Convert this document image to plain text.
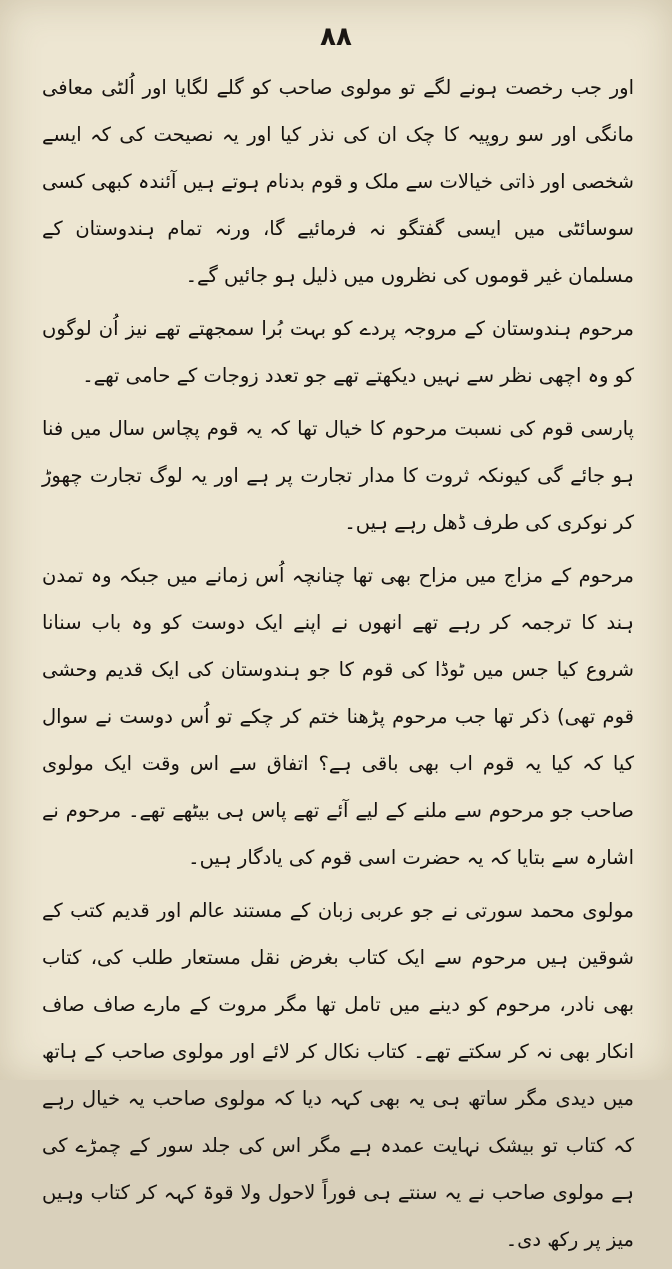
۸۸

اور جب رخصت ہونے لگے تو مولوی صاحب کو گلے لگایا اور اُلٹی معافی مانگی اور سو روپیہ کا چک ان کی نذر کیا اور یہ نصیحت کی کہ ایسے شخصی اور ذاتی خیالات سے ملک و قوم بدنام ہوتے ہیں آئندہ کبھی کسی سوسائٹی میں ایسی گفتگو نہ فرمائیے گا، ورنہ تمام ہندوستان کے مسلمان غیر قوموں کی نظروں میں ذلیل ہو جائیں گے۔

مرحوم ہندوستان کے مروجہ پردے کو بہت بُرا سمجھتے تھے نیز اُن لوگوں کو وہ اچھی نظر سے نہیں دیکھتے تھے جو تعدد زوجات کے حامی تھے۔

پارسی قوم کی نسبت مرحوم کا خیال تھا کہ یہ قوم پچاس سال میں فنا ہو جائے گی کیونکہ ثروت کا مدار تجارت پر ہے اور یہ لوگ تجارت چھوڑ کر نوکری کی طرف ڈھل رہے ہیں۔

مرحوم کے مزاج میں مزاح بھی تھا چنانچہ اُس زمانے میں جبکہ وہ تمدن ہند کا ترجمہ کر رہے تھے انھوں نے اپنے ایک دوست کو وہ باب سنانا شروع کیا جس میں ٹوڈا کی قوم کا جو ہندوستان کی ایک قدیم وحشی قوم تھی) ذکر تھا جب مرحوم پڑھنا ختم کر چکے تو اُس دوست نے سوال کیا کہ کیا یہ قوم اب بھی باقی ہے؟ اتفاق سے اس وقت ایک مولوی صاحب جو مرحوم سے ملنے کے لیے آئے تھے پاس ہی بیٹھے تھے۔ مرحوم نے اشارہ سے بتایا کہ یہ حضرت اسی قوم کی یادگار ہیں۔

مولوی محمد سورتی نے جو عربی زبان کے مستند عالم اور قدیم کتب کے شوقین ہیں مرحوم سے ایک کتاب بغرض نقل مستعار طلب کی، کتاب بھی نادر، مرحوم کو دینے میں تامل تھا مگر مروت کے مارے صاف صاف انکار بھی نہ کر سکتے تھے۔ کتاب نکال کر لائے اور مولوی صاحب کے ہاتھ میں دیدی مگر ساتھ ہی یہ بھی کہہ دیا کہ مولوی صاحب یہ خیال رہے کہ کتاب تو بیشک نہایت عمدہ ہے مگر اس کی جلد سور کے چمڑے کی ہے مولوی صاحب نے یہ سنتے ہی فوراً لاحول ولا قوۃ کہہ کر کتاب وہیں میز پر رکھ دی۔
